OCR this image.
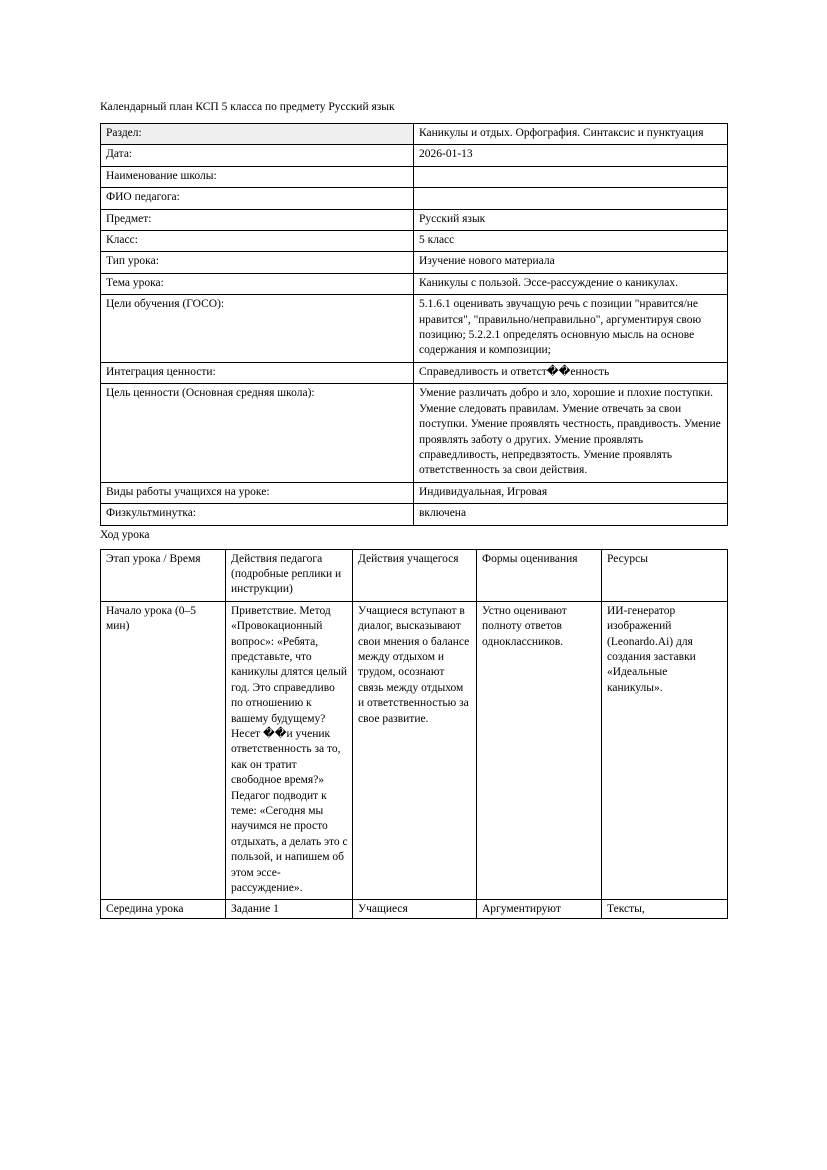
Календарный план КСП 5 класса по предмету Русский язык

Раздел:	Каникулы и отдых. Орфография. Синтаксис и пунктуация
Дата:	2026-01-13
Наименование школы:	
ФИО педагога:	
Предмет:	Русский язык
Класс:	5 класс
Тип урока:	Изучение нового материала
Тема урока:	Каникулы с пользой. Эссе-рассуждение о каникулах.
Цели обучения (ГОСО):	5.1.6.1 оценивать звучащую речь с позиции "нравится/не нравится", "правильно/неправильно", аргументируя свою позицию; 5.2.2.1 определять основную мысль на основе содержания и композиции;
Интеграция ценности:	Справедливость и ответст��енность
Цель ценности (Основная средняя школа):	Умение различать добро и зло, хорошие и плохие поступки. Умение следовать правилам. Умение отвечать за свои поступки. Умение проявлять честность, правдивость. Умение проявлять заботу о других. Умение проявлять справедливость, непредвзятость. Умение проявлять ответственность за свои действия.
Виды работы учащихся на уроке:	Индивидуальная, Игровая
Физкультминутка:	включена

Ход урока

Этап урока / Время	Действия педагога (подробные реплики и инструкции)	Действия учащегося	Формы оценивания	Ресурсы
Начало урока (0–5 мин)	Приветствие. Метод «Провокационный вопрос»: «Ребята, представьте, что каникулы длятся целый год. Это справедливо по отношению к вашему будущему? Несет ��и ученик ответственность за то, как он тратит свободное время?» Педагог подводит к теме: «Сегодня мы научимся не просто отдыхать, а делать это с пользой, и напишем об этом эссе-рассуждение».	Учащиеся вступают в диалог, высказывают свои мнения о балансе между отдыхом и трудом, осознают связь между отдыхом и ответственностью за свое развитие.	Устно оценивают полноту ответов одноклассников.	ИИ-генератор изображений (Leonardo.Ai) для создания заставки «Идеальные каникулы».
Середина урока	Задание 1	Учащиеся	Аргументируют	Тексты,
